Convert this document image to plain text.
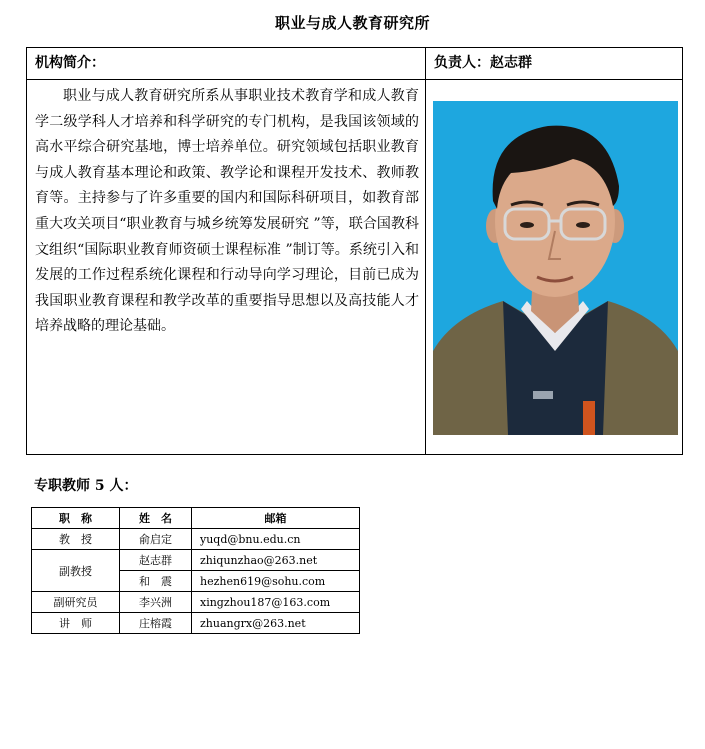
职业与成人教育研究所
机构简介：	负责人：赵志群

职业与成人教育研究所系从事职业技术教育学和成人教育学二级学科人才培养和科学研究的专门机构，是我国该领域的高水平综合研究基地，博士培养单位。研究领域包括职业教育与成人教育基本理论和政策、教学论和课程开发技术、教师教育等。主持参与了许多重要的国内和国际科研项目，如教育部重大攻关项目“职业教育与城乡统筹发展研究 ”等，联合国教科文组织“国际职业教育师资硕士课程标准 ”制订等。系统引入和发展的工作过程系统化课程和行动导向学习理论，目前已成为我国职业教育课程和教学改革的重要指导思想以及高技能人才培养战略的理论基础。

专职教师 5 人：
职　称	姓　名	邮箱
教　授	俞启定	yuqd@bnu.edu.cn
副教授	赵志群	zhiqunzhao@263.net
	和　震	hezhen619@sohu.com
副研究员	李兴洲	xingzhou187@163.com
讲　师	庄榕霞	zhuangrx@263.net
